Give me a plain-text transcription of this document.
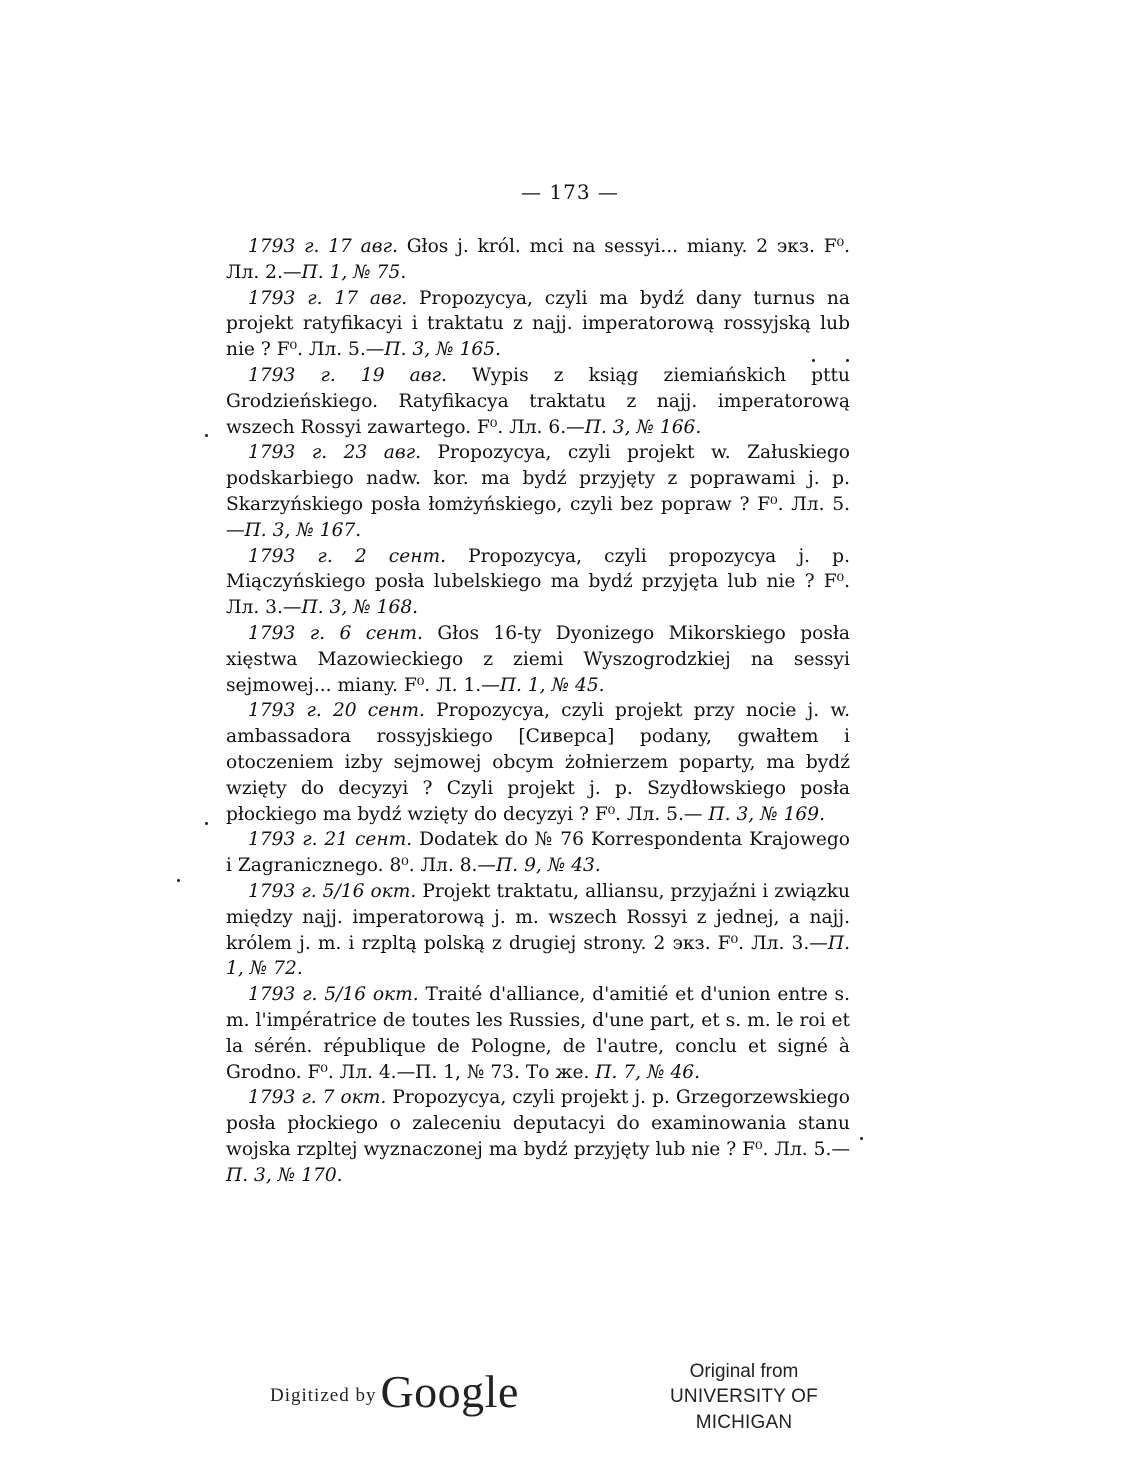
— 173 —

1793 г. 17 авг. Głos j. król. mci na sessyi... miany. 2 экз. F⁰. Лл. 2.—П. 1, № 75.

1793 г. 17 авг. Propozycya, czyli ma bydź dany turnus na projekt ratyfikacyi i traktatu z najj. imperatorową rossyjską lub nie ? F⁰. Лл. 5.—П. 3, № 165.

1793 г. 19 авг. Wypis z ksiąg ziemiańskich pttu Grodzieńskiego. Ratyfikacya traktatu z najj. imperatorową wszech Rossyi zawartego. F⁰. Лл. 6.—П. 3, № 166.

1793 г. 23 авг. Propozycya, czyli projekt w. Załuskiego podskarbiego nadw. kor. ma bydź przyjęty z poprawami j. p. Skarzyńskiego posła łomżyńskiego, czyli bez popraw ? F⁰. Лл. 5.—П. 3, № 167.

1793 г. 2 сент. Propozycya, czyli propozycya j. p. Miączyńskiego posła lubelskiego ma bydź przyjęta lub nie ? F⁰. Лл. 3.—П. 3, № 168.

1793 г. 6 сент. Głos 16-ty Dyonizego Mikorskiego posła xięstwa Mazowieckiego z ziemi Wyszogrodzkiej na sessyi sejmowej... miany. F⁰. Л. 1.—П. 1, № 45.

1793 г. 20 сент. Propozycya, czyli projekt przy nocie j. w. ambassadora rossyjskiego [Сиверса] podany, gwałtem i otoczeniem izby sejmowej obcym żołnierzem poparty, ma bydź wzięty do decyzyi ? Czyli projekt j. p. Szydłowskiego posła płockiego ma bydź wzięty do decyzyi ? F⁰. Лл. 5.— П. 3, № 169.

1793 г. 21 сент. Dodatek do № 76 Korrespondenta Krajowego i Zagranicznego. 8⁰. Лл. 8.—П. 9, № 43.

1793 г. 5/16 окт. Projekt traktatu, alliansu, przyjaźni i związku między najj. imperatorową j. m. wszech Rossyi z jednej, a najj. królem j. m. i rzpltą polską z drugiej strony. 2 экз. F⁰. Лл. 3.—П. 1, № 72.

1793 г. 5/16 окт. Traité d'alliance, d'amitié et d'union entre s. m. l'impératrice de toutes les Russies, d'une part, et s. m. le roi et la sérén. république de Pologne, de l'autre, conclu et signé à Grodno. F⁰. Лл. 4.—П. 1, № 73. То же. П. 7, № 46.

1793 г. 7 окт. Propozycya, czyli projekt j. p. Grzegorzewskiego posła płockiego o zaleceniu deputacyi do examinowania stanu wojska rzpltej wyznaczonej ma bydź przyjęty lub nie ? F⁰. Лл. 5.—П. 3, № 170.

Digitized by Google	Original from
UNIVERSITY OF MICHIGAN
